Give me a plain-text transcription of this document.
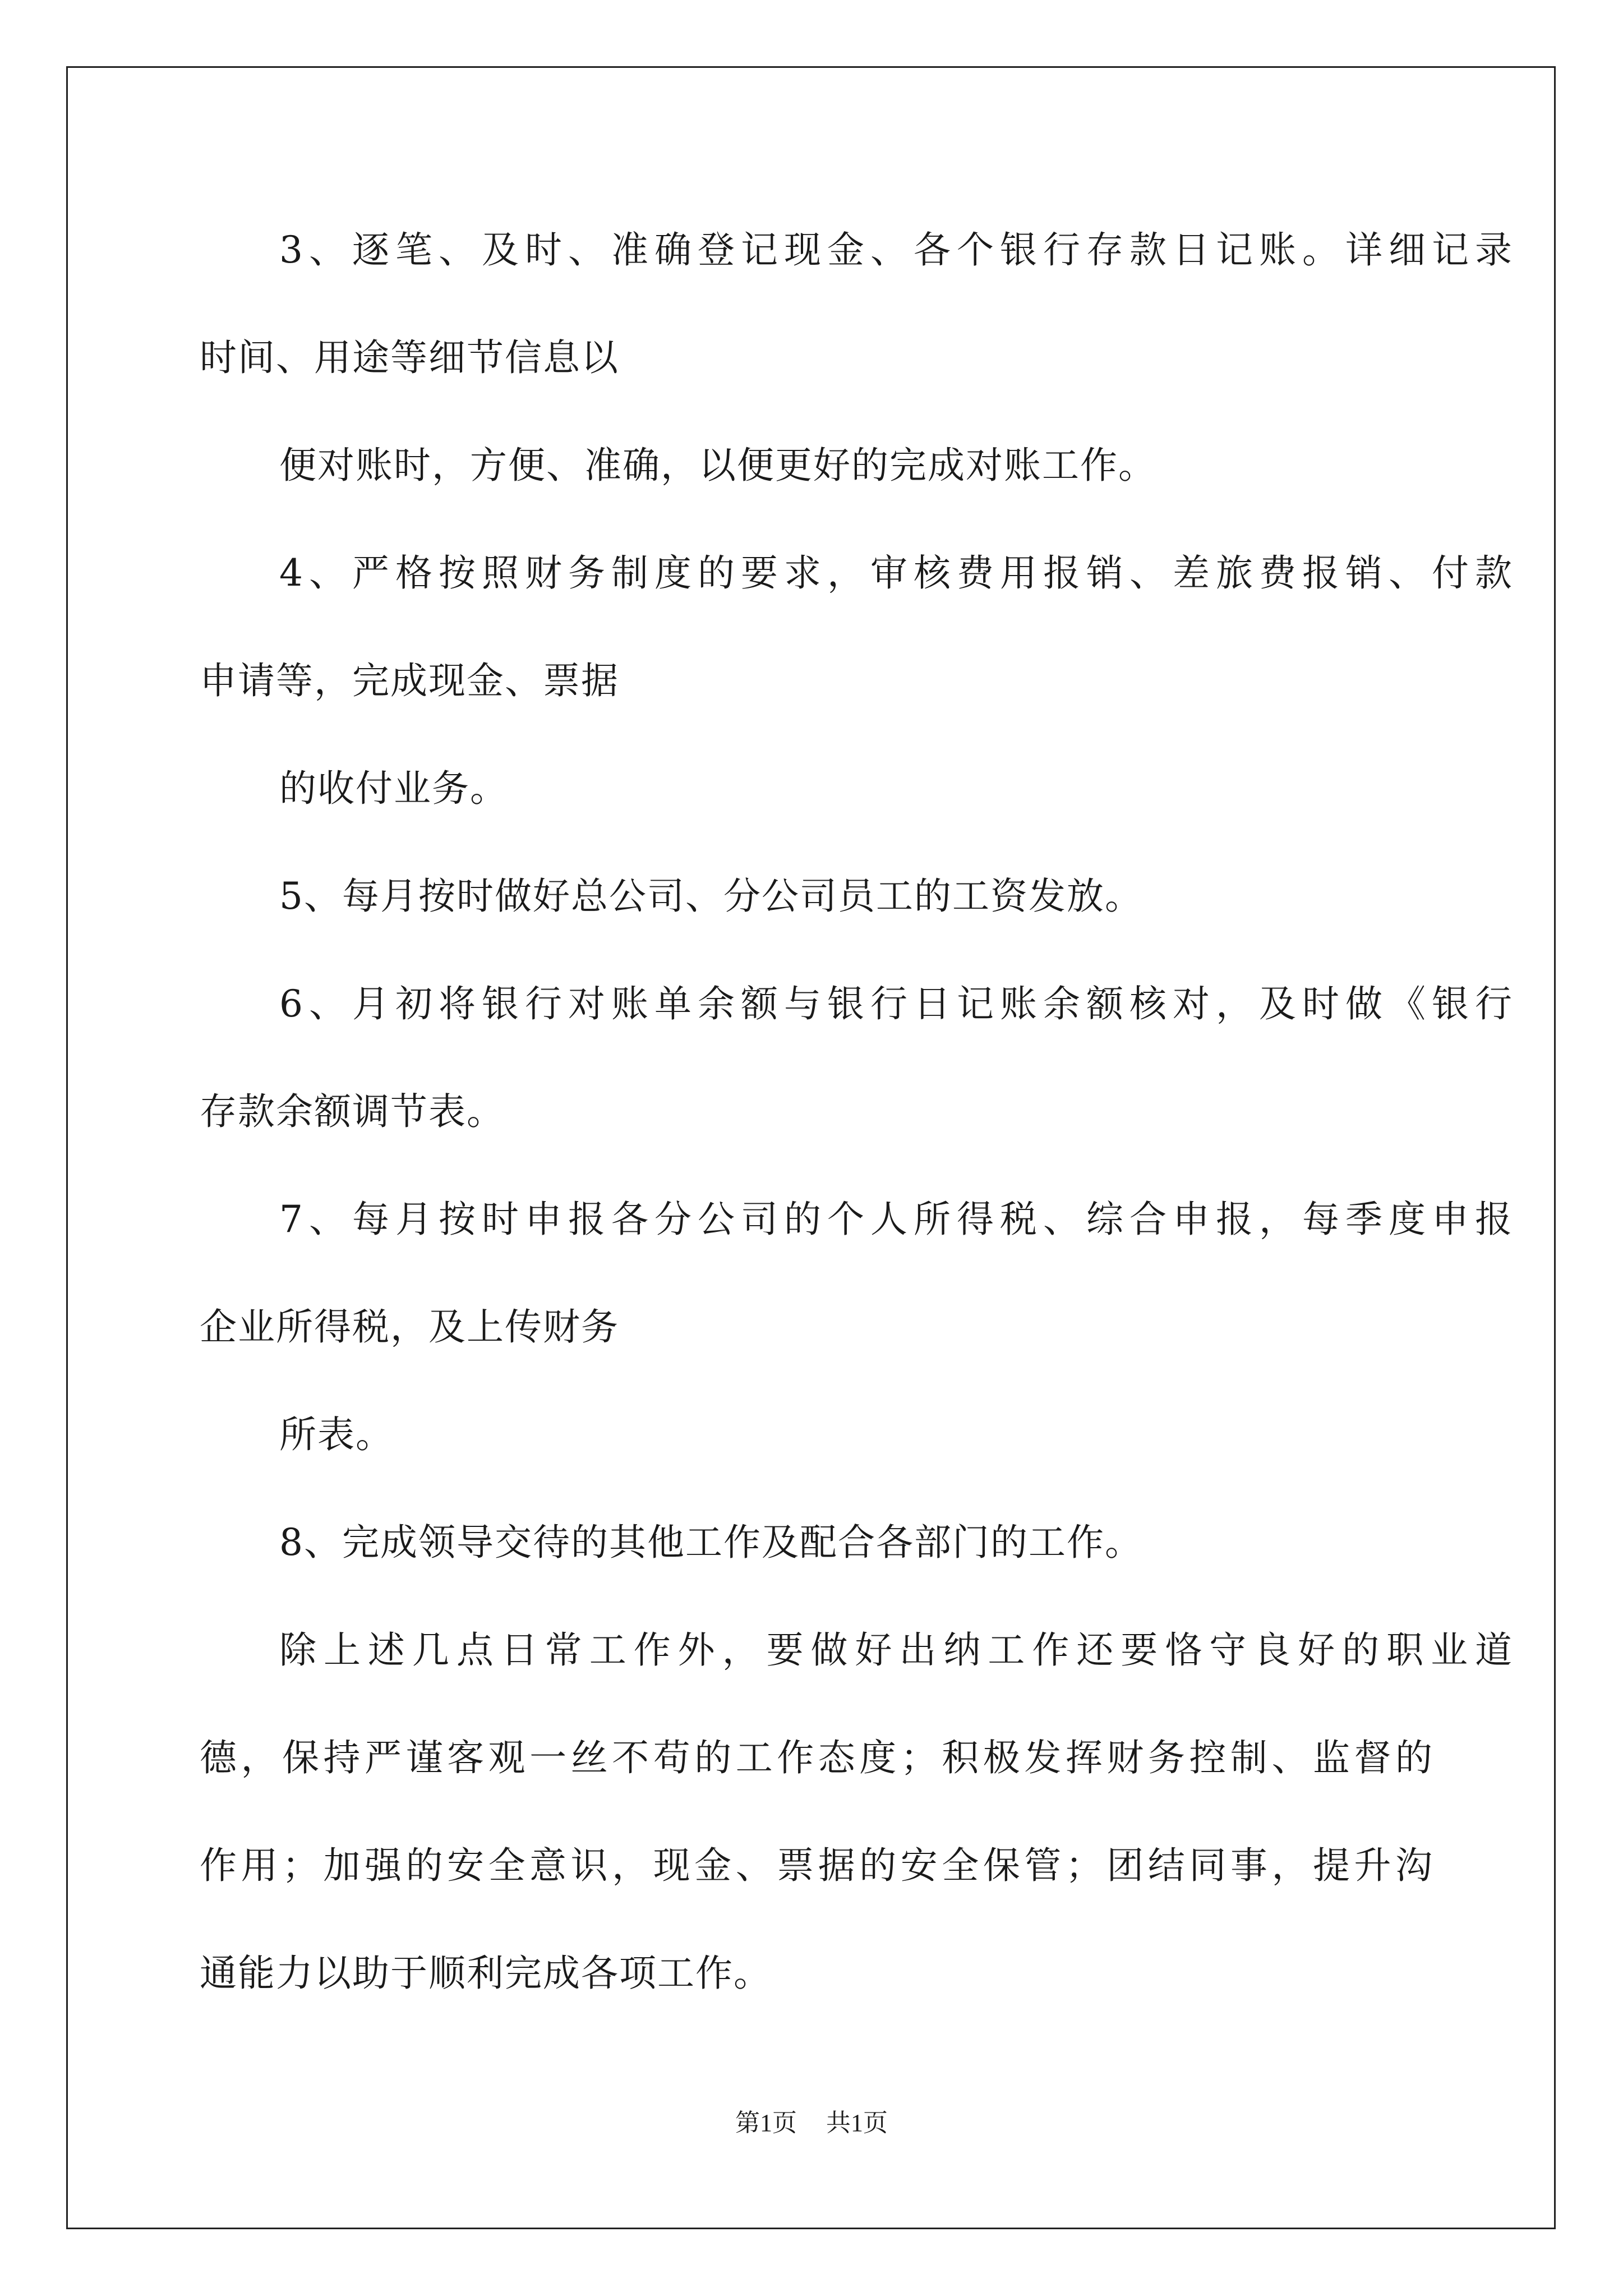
3、逐笔、及时、准确登记现金、各个银行存款日记账。详细记录
时间、用途等细节信息以
便对账时，方便、准确，以便更好的完成对账工作。
4、严格按照财务制度的要求，审核费用报销、差旅费报销、付款
申请等，完成现金、票据
的收付业务。
5、每月按时做好总公司、分公司员工的工资发放。
6、月初将银行对账单余额与银行日记账余额核对，及时做《银行
存款余额调节表。
7、每月按时申报各分公司的个人所得税、综合申报，每季度申报
企业所得税，及上传财务
所表。
8、完成领导交待的其他工作及配合各部门的工作。
除上述几点日常工作外，要做好出纳工作还要恪守良好的职业道
德，保持严谨客观一丝不苟的工作态度；积极发挥财务控制、监督的
作用；加强的安全意识，现金、票据的安全保管；团结同事，提升沟
通能力以助于顺利完成各项工作。
第1页 共1页
